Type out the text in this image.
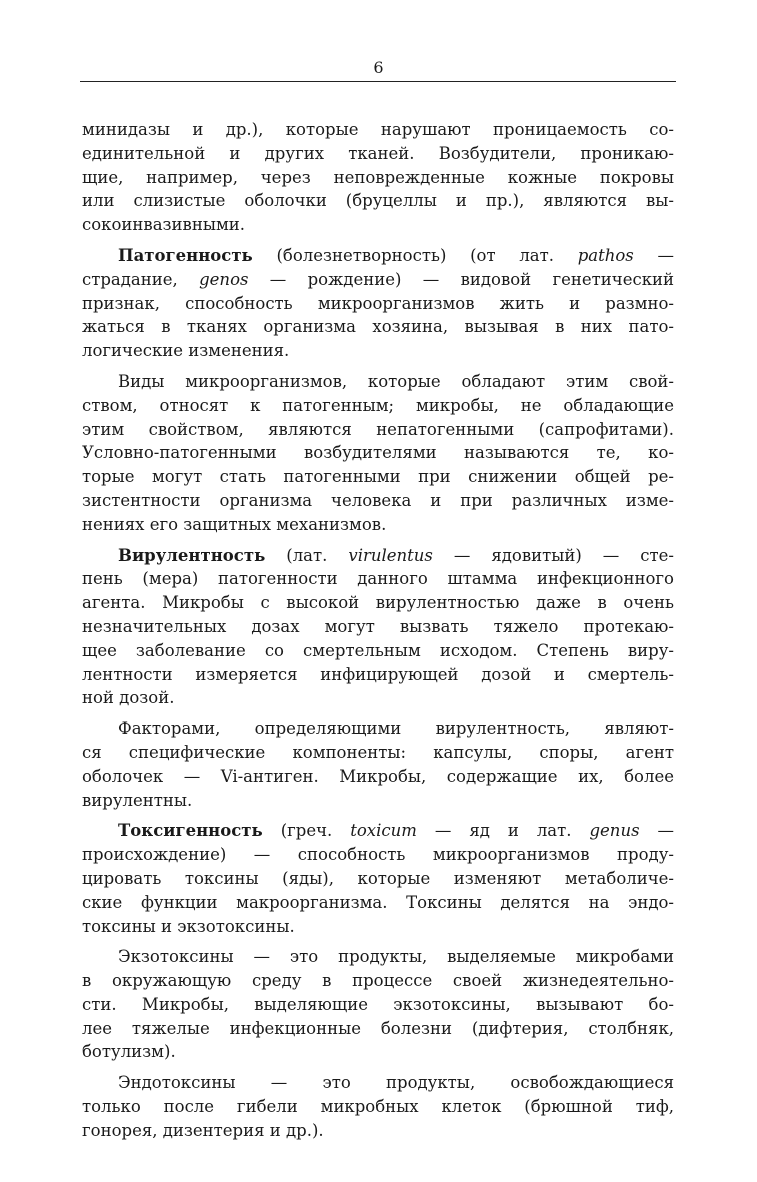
6
минидазы и др.), которые нарушают проницаемость со-
единительной и других тканей. Возбудители, проникаю-
щие, например, через неповрежденные кожные покровы
или слизистые оболочки (бруцеллы и пр.), являются вы-
сокоинвазивными.
Патогенность (болезнетворность) (от лат. pathos —
страдание, genos — рождение) — видовой генетический
признак, способность микроорганизмов жить и размно-
жаться в тканях организма хозяина, вызывая в них пато-
логические изменения.
Виды микроорганизмов, которые обладают этим свой-
ством, относят к патогенным; микробы, не обладающие
этим свойством, являются непатогенными (сапрофитами).
Условно-патогенными возбудителями называются те, ко-
торые могут стать патогенными при снижении общей ре-
зистентности организма человека и при различных изме-
нениях его защитных механизмов.
Вирулентность (лат. virulentus — ядовитый) — сте-
пень (мера) патогенности данного штамма инфекционного
агента. Микробы с высокой вирулентностью даже в очень
незначительных дозах могут вызвать тяжело протекаю-
щее заболевание со смертельным исходом. Степень виру-
лентности измеряется инфицирующей дозой и смертель-
ной дозой.
Факторами, определяющими вирулентность, являют-
ся специфические компоненты: капсулы, споры, агент
оболочек — Vi-антиген. Микробы, содержащие их, более
вирулентны.
Токсигенность (греч. toxicum — яд и лат. genus —
происхождение) — способность микроорганизмов проду-
цировать токсины (яды), которые изменяют метаболиче-
ские функции макроорганизма. Токсины делятся на эндо-
токсины и экзотоксины.
Экзотоксины — это продукты, выделяемые микробами
в окружающую среду в процессе своей жизнедеятельно-
сти. Микробы, выделяющие экзотоксины, вызывают бо-
лее тяжелые инфекционные болезни (дифтерия, столбняк,
ботулизм).
Эндотоксины — это продукты, освобождающиеся
только после гибели микробных клеток (брюшной тиф,
гонорея, дизентерия и др.).
